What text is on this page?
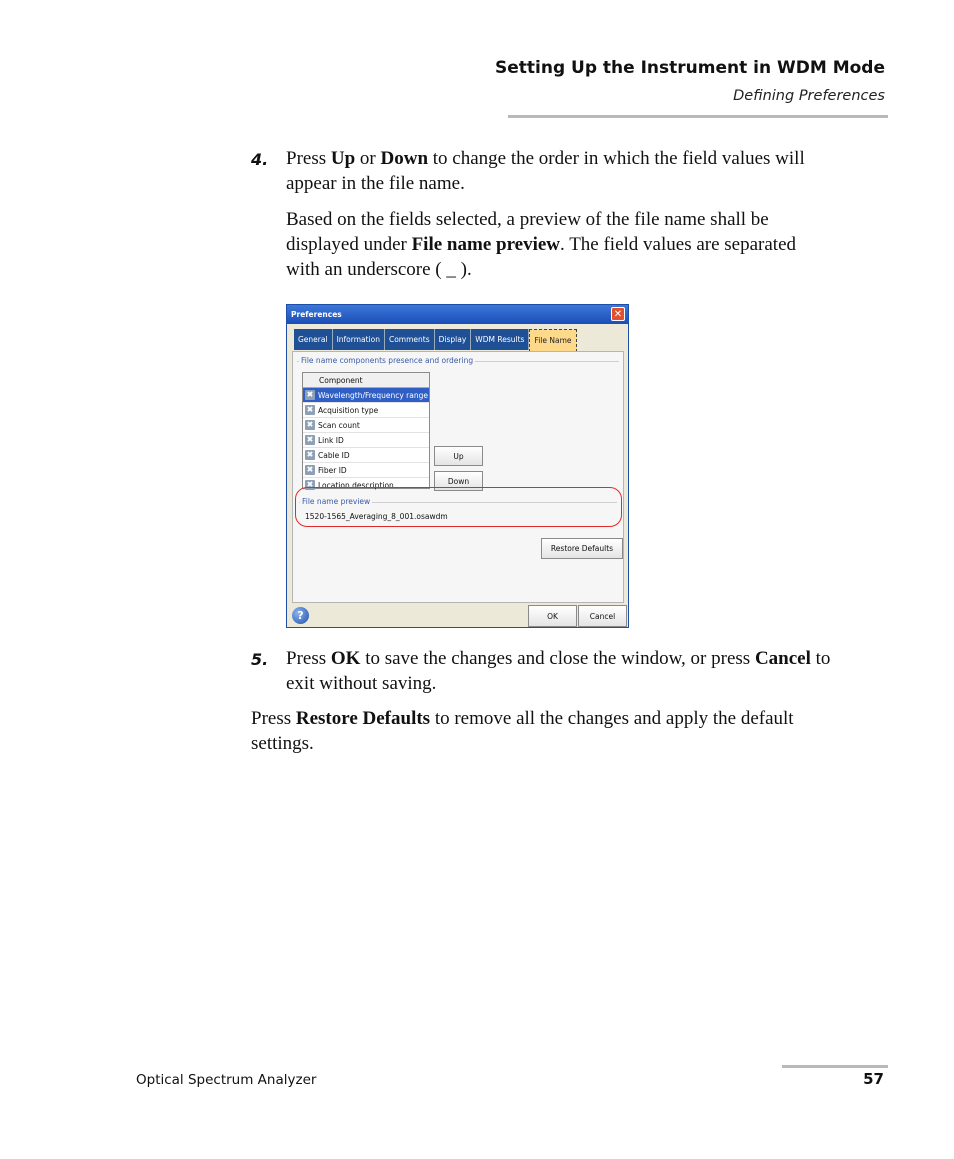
Setting Up the Instrument in WDM Mode
Defining Preferences
4. Press Up or Down to change the order in which the field values will
appear in the file name.
Based on the fields selected, a preview of the file name shall be
displayed under File name preview. The field values are separated
with an underscore ( _ ).
Preferences	✕
General	Information	Comments	Display	WDM Results	File Name
File name components presence and ordering
Component
✖ Wavelength/Frequency range
✖ Acquisition type
✖ Scan count
✖ Link ID
✖ Cable ID
✖ Fiber ID
✖ Location description
Up
Down
File name preview
1520-1565_Averaging_8_001.osawdm
Restore Defaults
?	OK	Cancel
5. Press OK to save the changes and close the window, or press Cancel to
exit without saving.
Press Restore Defaults to remove all the changes and apply the default
settings.
Optical Spectrum Analyzer	57
